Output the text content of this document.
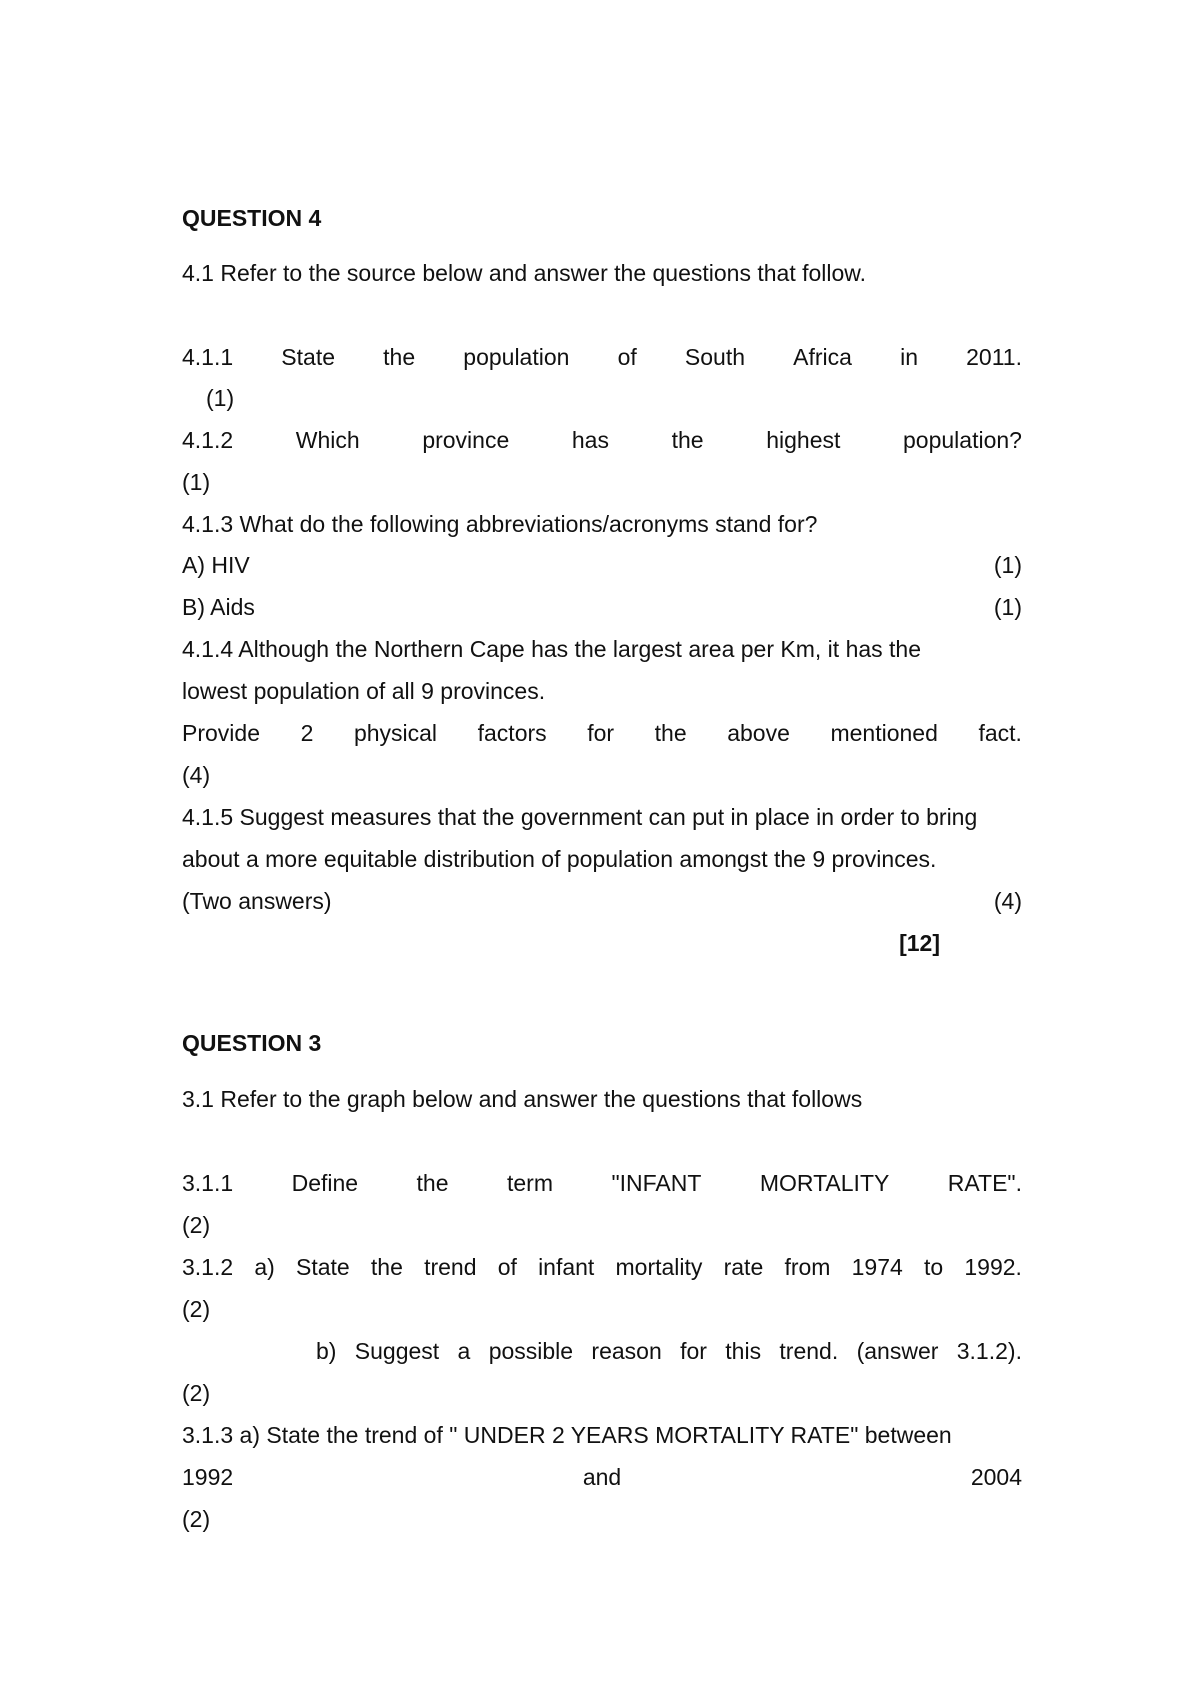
QUESTION 4
4.1 Refer to the source below and answer the questions that follow.
4.1.1 State the population of South Africa in 2011.
(1)
4.1.2	Which	province	has	the	highest	population?
(1)
4.1.3 What do the following abbreviations/acronyms stand for?
A) HIV	(1)
B) Aids	(1)
4.1.4 Although the Northern Cape has the largest area per Km, it has the
lowest population of all 9 provinces.
Provide 2 physical factors for the above mentioned fact.
(4)
4.1.5 Suggest measures that the government can put in place in order to bring
about a more equitable distribution of population amongst the 9 provinces.
(Two answers)	(4)
[12]
QUESTION 3
3.1 Refer to the graph below and answer the questions that follows
3.1.1	Define	the	term	"INFANT	MORTALITY	RATE".
(2)
3.1.2 a) State the trend of infant mortality rate from 1974 to 1992.
(2)
b) Suggest a possible reason for this trend. (answer 3.1.2).
(2)
3.1.3 a) State the trend of " UNDER 2 YEARS MORTALITY RATE" between
1992	and	2004
(2)
